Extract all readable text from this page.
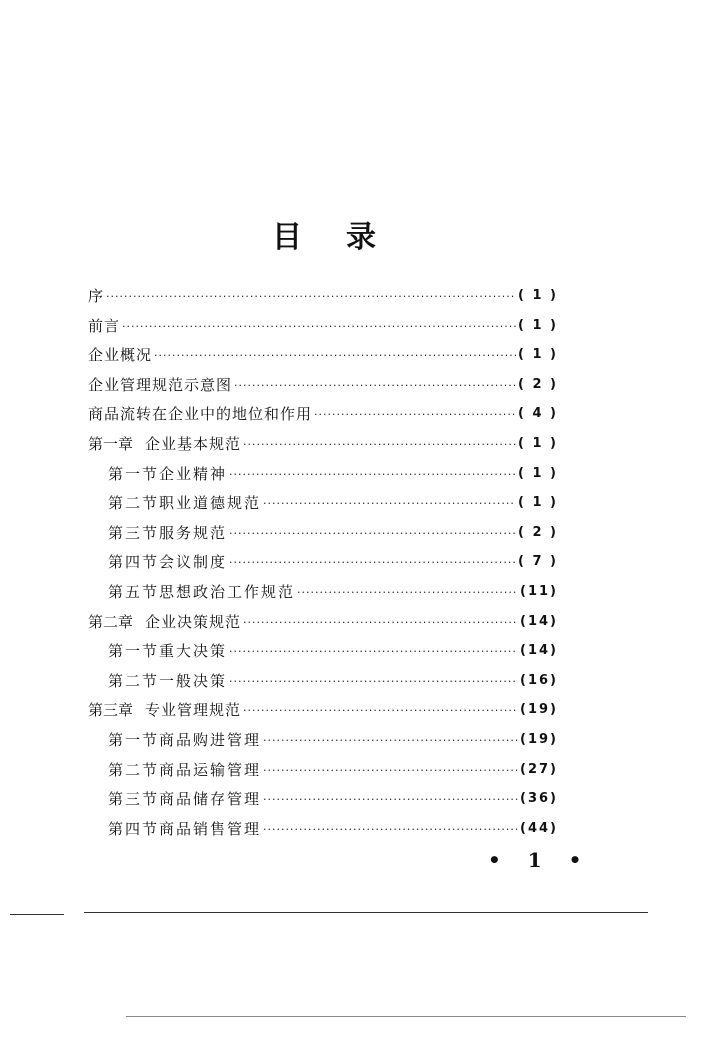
目 录
序 ·····	( 1 )
前言 ·····	( 1 )
企业概况 ·····	( 1 )
企业管理规范示意图 ·····	( 2 )
商品流转在企业中的地位和作用 ·····	( 4 )
第一章 企业基本规范 ·····	( 1 )
第一节 企业精神 ·····	( 1 )
第二节 职业道德规范 ·····	( 1 )
第三节 服务规范 ·····	( 2 )
第四节 会议制度 ·····	( 7 )
第五节 思想政治工作规范 ·····	(11)
第二章 企业决策规范 ·····	(14)
第一节 重大决策 ·····	(14)
第二节 一般决策 ·····	(16)
第三章 专业管理规范 ·····	(19)
第一节 商品购进管理 ·····	(19)
第二节 商品运输管理 ·····	(27)
第三节 商品储存管理 ·····	(36)
第四节 商品销售管理 ·····	(44)
• 1 •
